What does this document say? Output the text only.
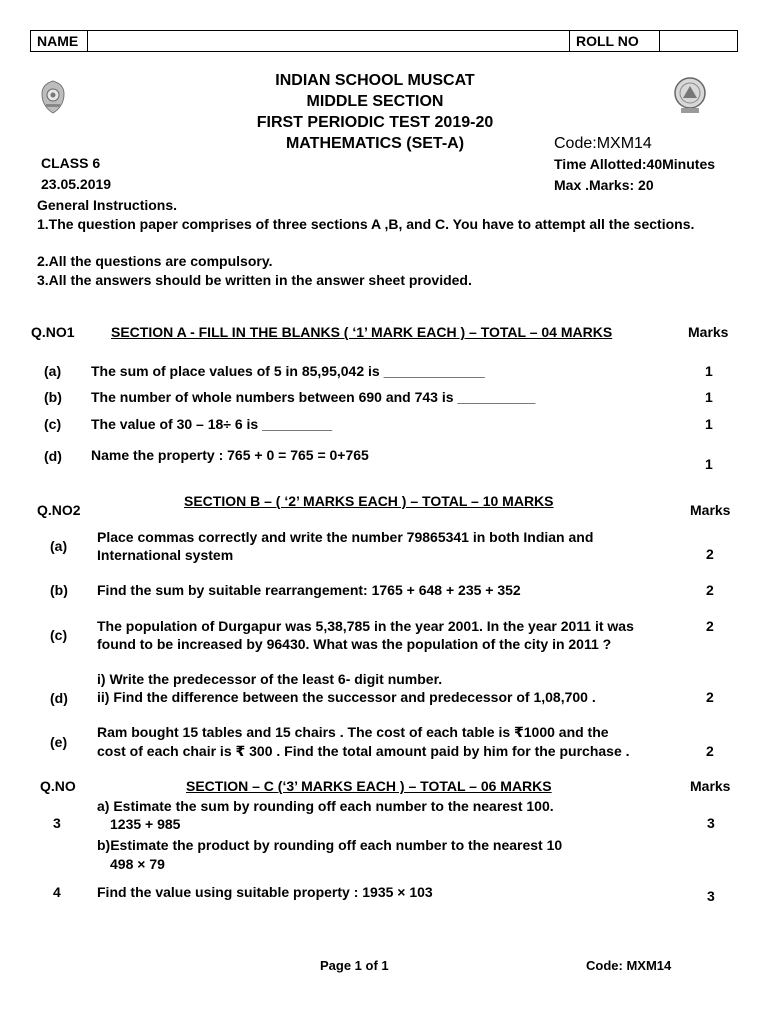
NAME	ROLL NO
INDIAN SCHOOL MUSCAT
MIDDLE SECTION
FIRST PERIODIC TEST 2019-20
MATHEMATICS (SET-A)	Code:MXM14
CLASS 6
23.05.2019
Time Allotted:40Minutes
Max .Marks: 20
General Instructions.
1.The question paper comprises of three sections A ,B, and C. You have to attempt all the sections.
2.All the questions are compulsory.
3.All the answers should be written in the answer sheet provided.
Q.NO1	SECTION A - FILL IN THE BLANKS ( ‘1’ MARK EACH ) – TOTAL – 04 MARKS	Marks
(a) The sum of place values of 5 in 85,95,042 is _____________	1
(b) The number of whole numbers between 690 and 743 is __________	1
(c) The value of 30 – 18÷ 6 is _________	1
(d) Name the property : 765 + 0 = 765 = 0+765
1
SECTION B – ( ‘2’ MARKS EACH ) – TOTAL – 10 MARKS
Q.NO2	Marks
(a)
Place commas correctly and write the number 79865341 in both Indian and
International system	2
(b) Find the sum by suitable rearrangement: 1765 + 648 + 235 + 352	2
(c)
The population of Durgapur was 5,38,785 in the year 2001. In the year 2011 it was
found to be increased by 96430. What was the population of the city in 2011 ?
2
(d)
i) Write the predecessor of the least 6- digit number.
ii) Find the difference between the successor and predecessor of 1,08,700 .	2
(e)
Ram bought 15 tables and 15 chairs . The cost of each table is ₹1000 and the
cost of each chair is ₹ 300 . Find the total amount paid by him for the purchase .	2
Q.NO	SECTION – C (‘3’ MARKS EACH ) – TOTAL – 06 MARKS	Marks
3
a) Estimate the sum by rounding off each number to the nearest 100.
1235 + 985
b)Estimate the product by rounding off each number to the nearest 10
498 × 79
3
4	Find the value using suitable property : 1935 × 103	3
Page 1 of 1	Code: MXM14
